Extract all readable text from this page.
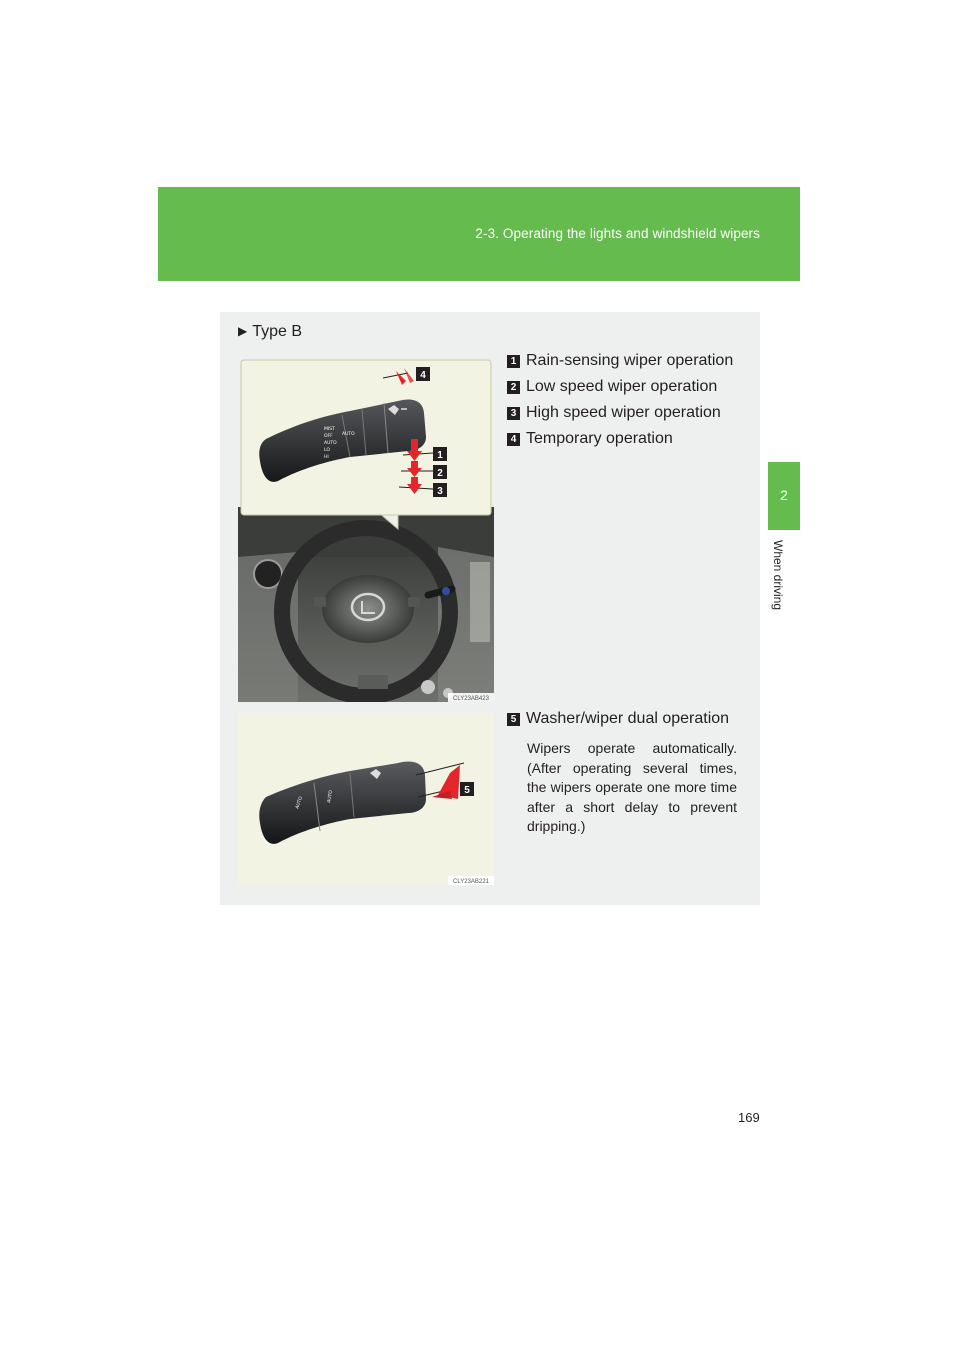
2-3. Operating the lights and windshield wipers
2
When driving
▶ Type B
MIST
OFF
AUTO
LO
HI
AUTO
4
1
2
3
CLY23AB423
1 Rain-sensing wiper operation
2 Low speed wiper operation
3 High speed wiper operation
4 Temporary operation
AUTO	AUTO	5
CLY23AB221
5 Washer/wiper dual operation
Wipers operate automatically. (After operating several times, the wipers operate one more time after a short delay to prevent dripping.)
169
